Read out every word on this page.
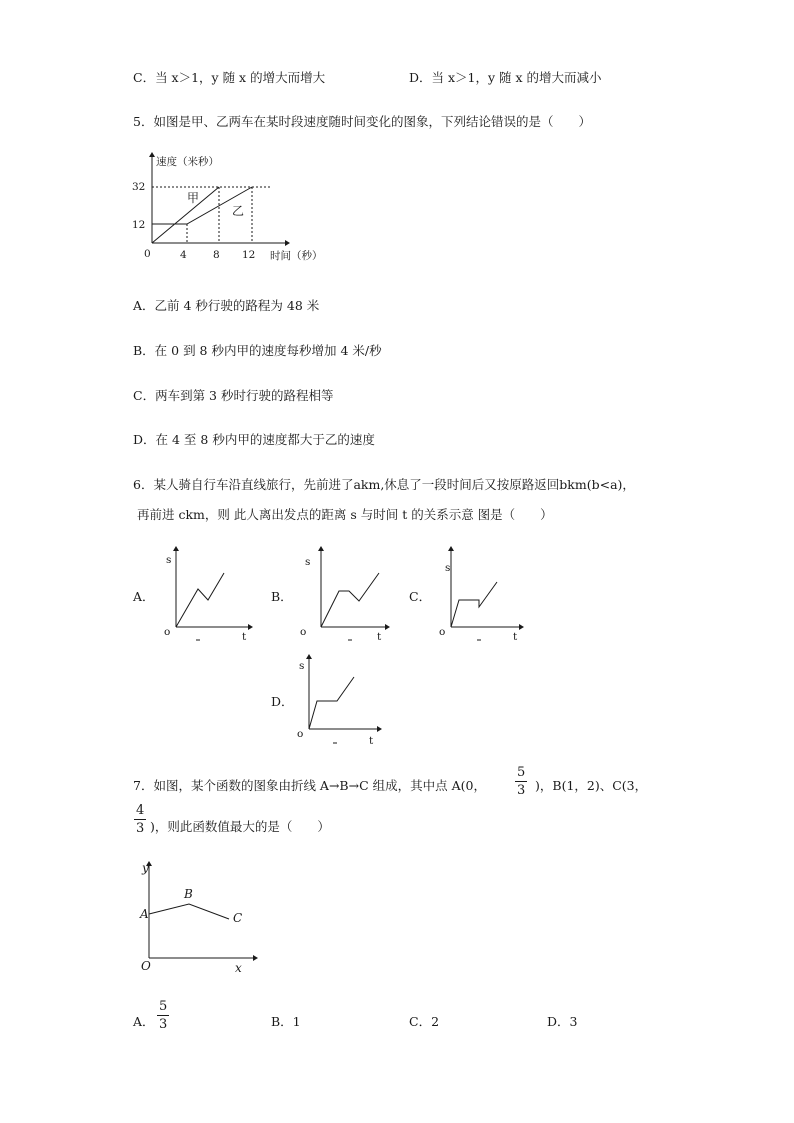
C．当 x＞1，y 随 x 的增大而增大	D．当 x＞1，y 随 x 的增大而减小
5．如图是甲、乙两车在某时段速度随时间变化的图象，下列结论错误的是（　　）
速度（米秒）
时间（秒）
0
32
12
4	8 12
甲
乙
A．乙前 4 秒行驶的路程为 48 米
B．在 0 到 8 秒内甲的速度每秒增加 4 米/秒
C．两车到第 3 秒时行驶的路程相等
D．在 4 至 8 秒内甲的速度都大于乙的速度
6．某人骑自行车沿直线旅行，先前进了akm,休息了一段时间后又按原路返回bkm(b<a)，
再前进 ckm，则 此人离出发点的距离 s 与时间 t 的关系示意 图是（　　）
A．
s
t
o
B．
s
t
o
C．
s
t
o
D．
s
t
o
7．如图，某个函数的图象由折线 A→B→C 组成，其中点 A(0， $\frac{5}{3}$ )，B(1，2)、C(3，
$\frac{4}{3}$ )，则此函数值最大的是（　　）
y
x
O
A
B
C
A． $\frac{5}{3}$	B．1	C．2	D．3
